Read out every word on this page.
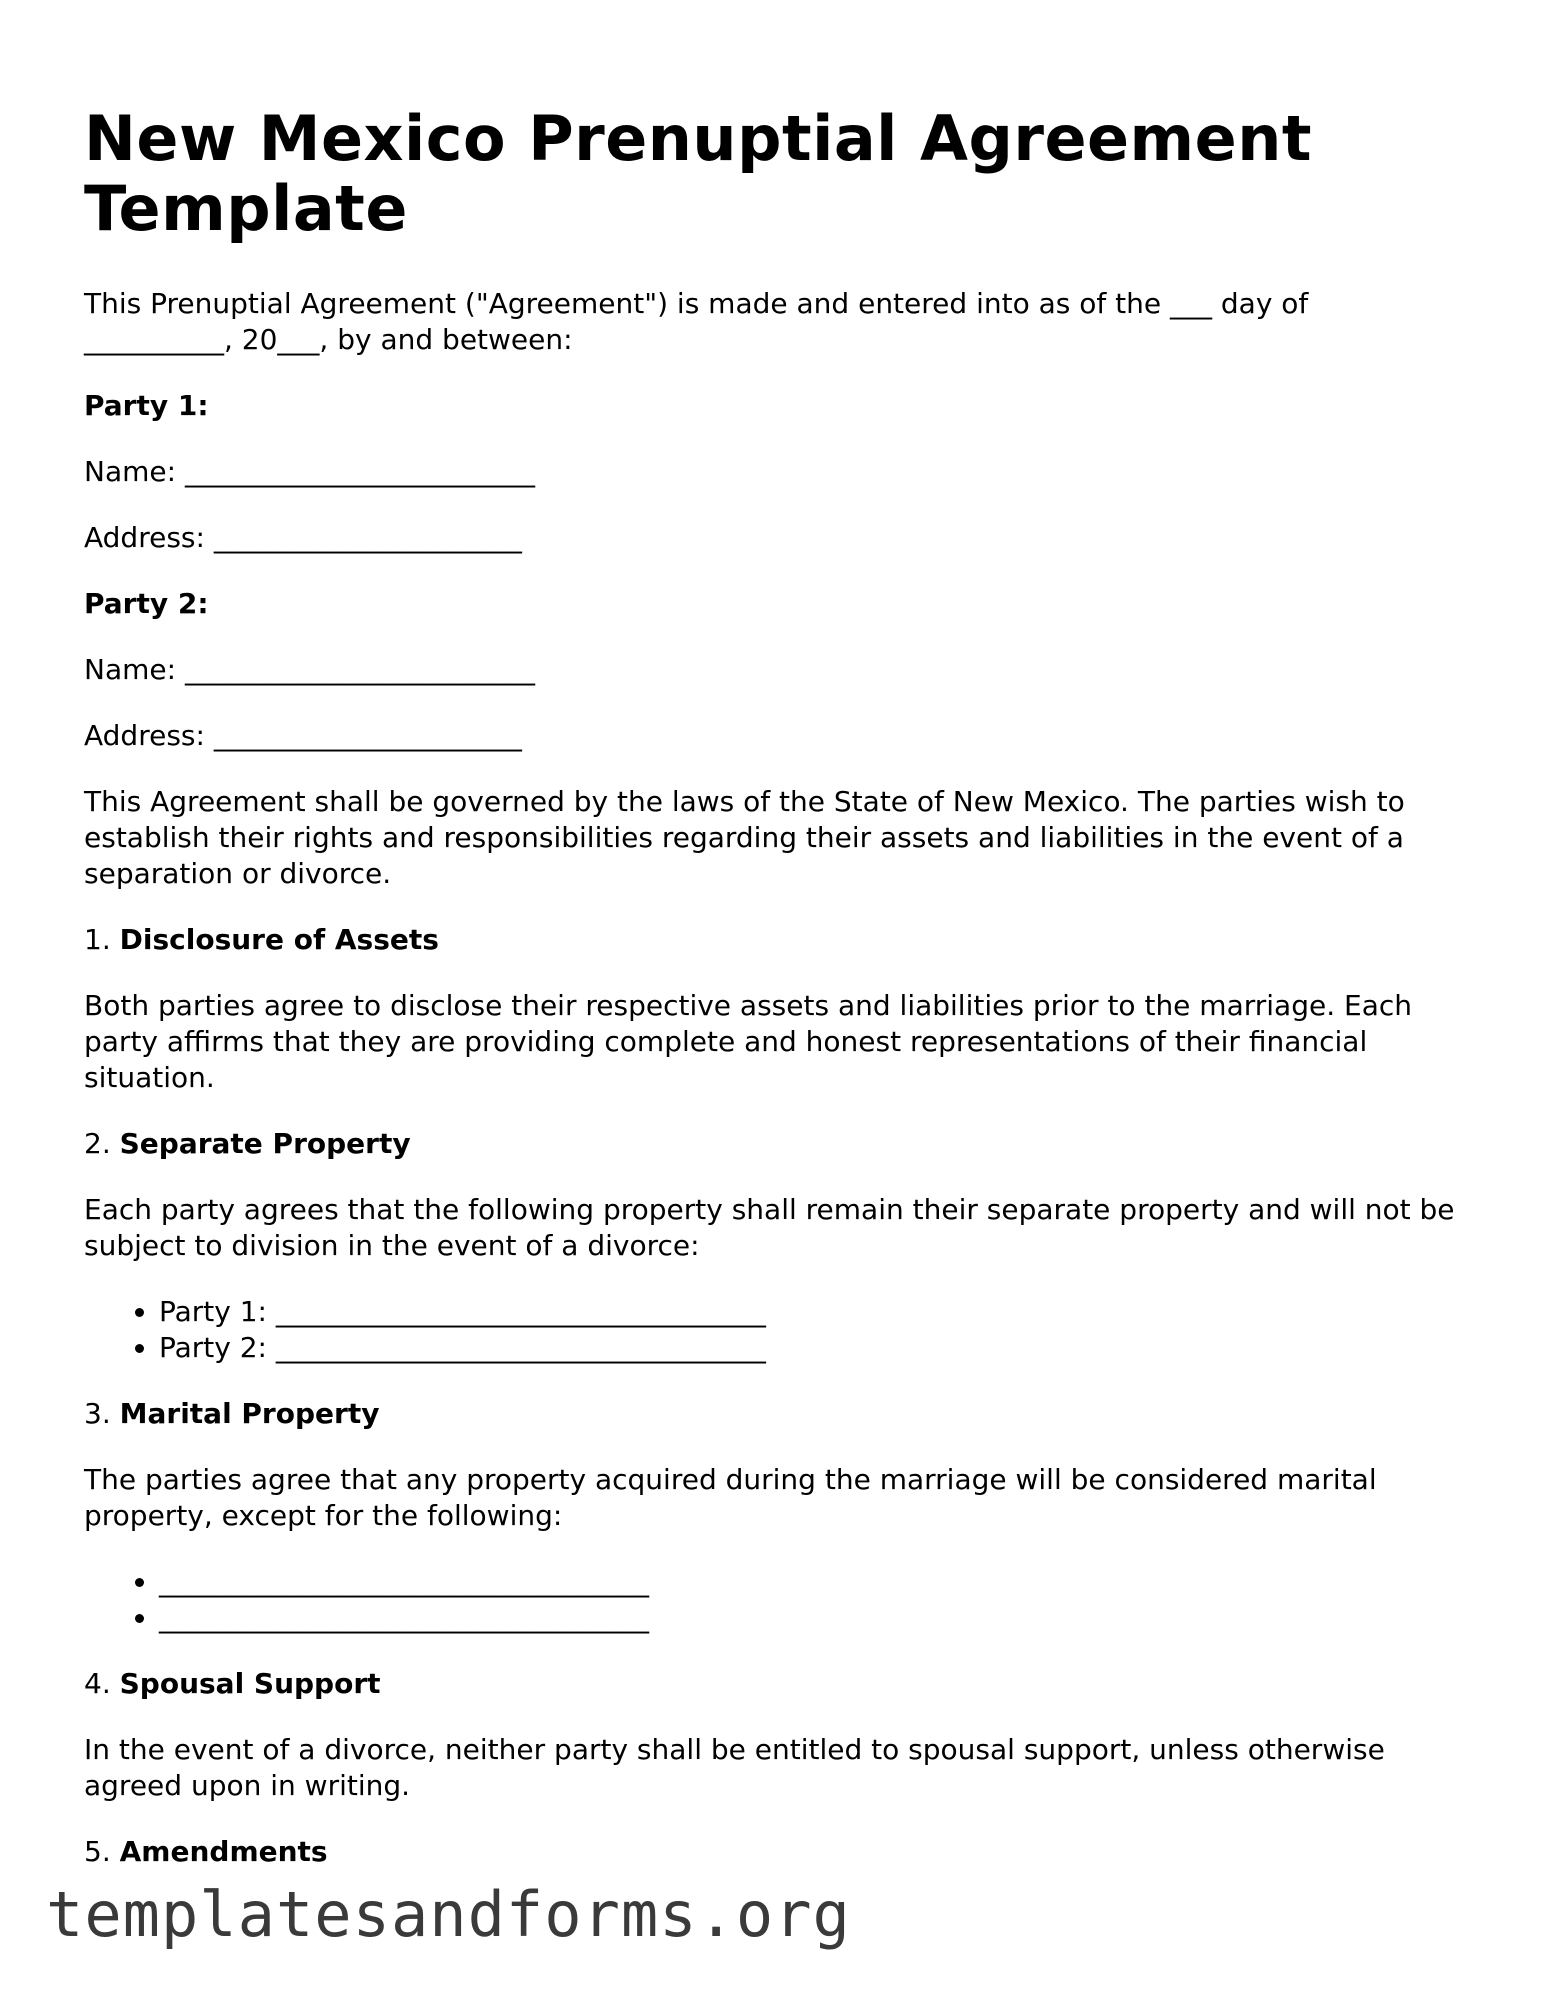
New Mexico Prenuptial Agreement Template

This Prenuptial Agreement ("Agreement") is made and entered into as of the ___ day of __________, 20___, by and between:

Party 1:

Name: _________________________

Address: ______________________

Party 2:

Name: _________________________

Address: ______________________

This Agreement shall be governed by the laws of the State of New Mexico. The parties wish to establish their rights and responsibilities regarding their assets and liabilities in the event of a separation or divorce.

1. Disclosure of Assets

Both parties agree to disclose their respective assets and liabilities prior to the marriage. Each party affirms that they are providing complete and honest representations of their financial situation.

2. Separate Property

Each party agrees that the following property shall remain their separate property and will not be subject to division in the event of a divorce:

• Party 1: ___________________________________
• Party 2: ___________________________________

3. Marital Property

The parties agree that any property acquired during the marriage will be considered marital property, except for the following:

• ___________________________________
• ___________________________________

4. Spousal Support

In the event of a divorce, neither party shall be entitled to spousal support, unless otherwise agreed upon in writing.

5. Amendments

templatesandforms.org
